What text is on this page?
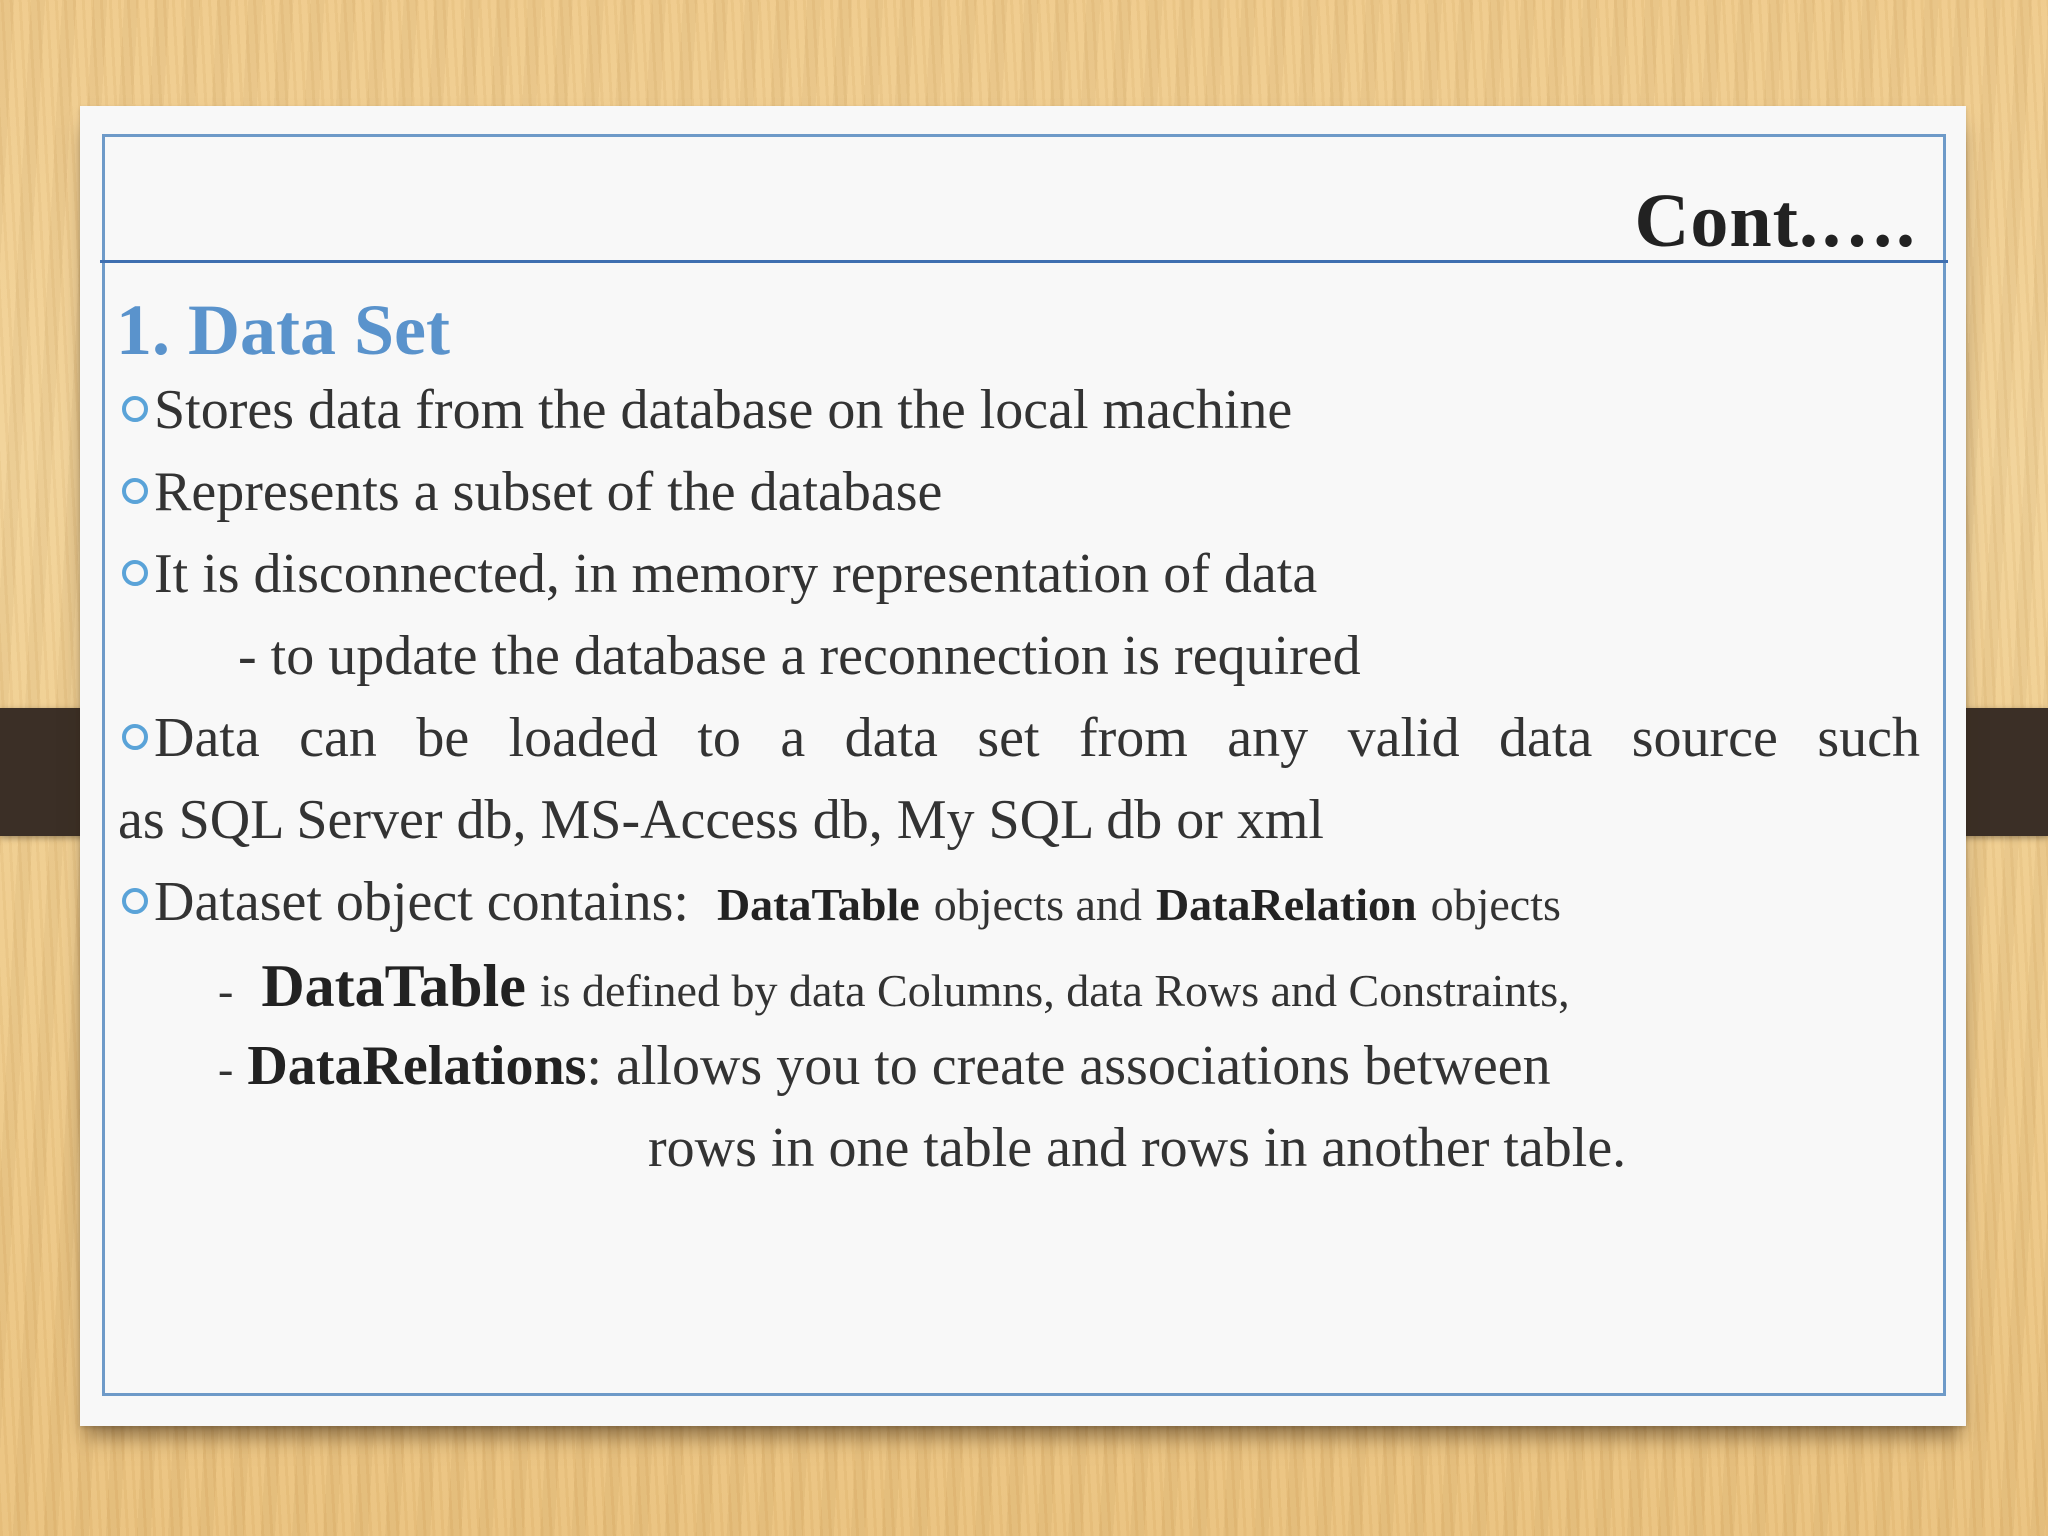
Cont.….
1. Data Set
Stores data from the database on the local machine
Represents a subset of the database
It is disconnected, in memory representation of data
- to update the database a reconnection is required
Data can be loaded to a data set from any valid data source such
as SQL Server db, MS-Access db, My SQL db or xml
Dataset object contains: DataTable objects and DataRelation objects
- DataTable is defined by data Columns, data Rows and Constraints,
- DataRelations: allows you to create associations between
rows in one table and rows in another table.
